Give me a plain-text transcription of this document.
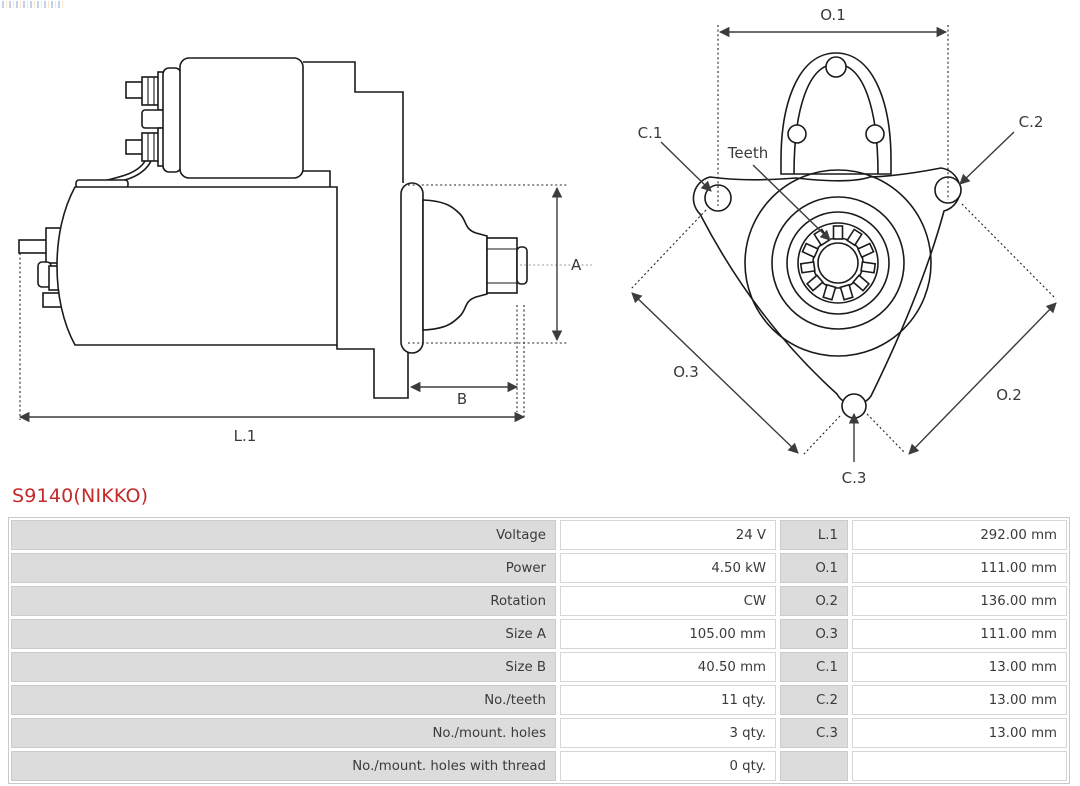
L.1
B
A
O.1
O.3
O.2
C.1
C.2
C.3
Teeth
S9140(NIKKO)
Voltage	24 V	L.1	292.00 mm
Power	4.50 kW	O.1	111.00 mm
Rotation	CW	O.2	136.00 mm
Size A	105.00 mm	O.3	111.00 mm
Size B	40.50 mm	C.1	13.00 mm
No./teeth	11 qty.	C.2	13.00 mm
No./mount. holes	3 qty.	C.3	13.00 mm
No./mount. holes with thread	0 qty.
